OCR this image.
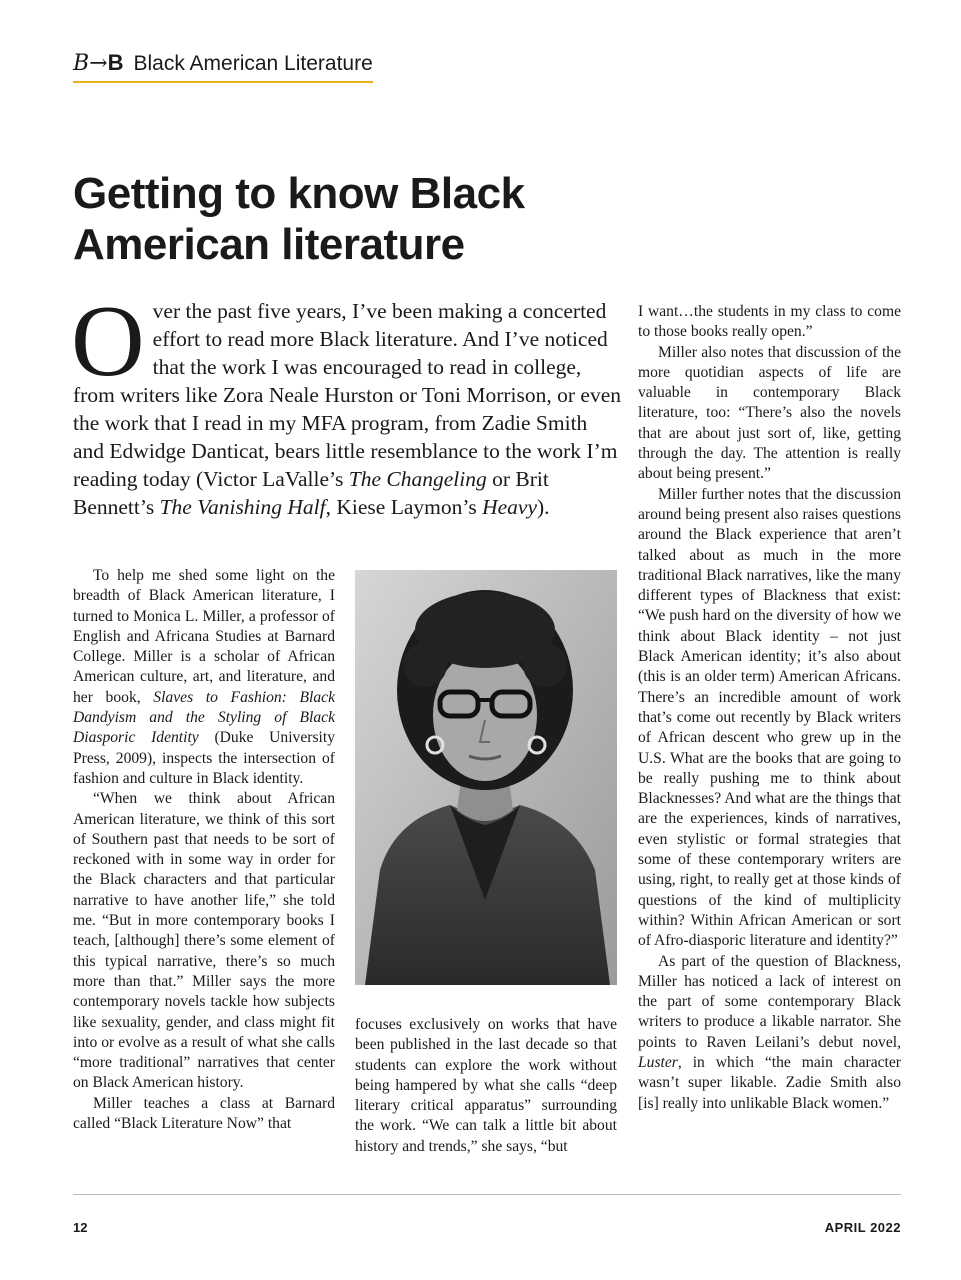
B→B Black American Literature
Getting to know Black American literature

Over the past five years, I’ve been making a concerted effort to read more Black literature. And I’ve noticed that the work I was encouraged to read in college, from writers like Zora Neale Hurston or Toni Morrison, or even the work that I read in my MFA program, from Zadie Smith and Edwidge Danticat, bears little resemblance to the work I’m reading today (Victor LaValle’s The Changeling or Brit Bennett’s The Vanishing Half, Kiese Laymon’s Heavy).

To help me shed some light on the breadth of Black American literature, I turned to Monica L. Miller, a professor of English and Africana Studies at Barnard College. Miller is a scholar of African American culture, art, and literature, and her book, Slaves to Fashion: Black Dandyism and the Styling of Black Diasporic Identity (Duke University Press, 2009), inspects the intersection of fashion and culture in Black identity.

“When we think about African American literature, we think of this sort of Southern past that needs to be sort of reckoned with in some way in order for the Black characters and that particular narrative to have another life,” she told me. “But in more contemporary books I teach, [although] there’s some element of this typical narrative, there’s so much more than that.” Miller says the more contemporary novels tackle how subjects like sexuality, gender, and class might fit into or evolve as a result of what she calls “more traditional” narratives that center on Black American history.

Miller teaches a class at Barnard called “Black Literature Now” that

focuses exclusively on works that have been published in the last decade so that students can explore the work without being hampered by what she calls “deep literary critical apparatus” surrounding the work. “We can talk a little bit about history and trends,” she says, “but

I want…the students in my class to come to those books really open.”

Miller also notes that discussion of the more quotidian aspects of life are valuable in contemporary Black literature, too: “There’s also the novels that are about just sort of, like, getting through the day. The attention is really about being present.”

Miller further notes that the discussion around being present also raises questions around the Black experience that aren’t talked about as much in the more traditional Black narratives, like the many different types of Blackness that exist: “We push hard on the diversity of how we think about Black identity – not just Black American identity; it’s also about (this is an older term) American Africans. There’s an incredible amount of work that’s come out recently by Black writers of African descent who grew up in the U.S. What are the books that are going to be really pushing me to think about Blacknesses? And what are the things that are the experiences, kinds of narratives, even stylistic or formal strategies that some of these contemporary writers are using, right, to really get at those kinds of questions of the kind of multiplicity within? Within African American or sort of Afro-diasporic literature and identity?”

As part of the question of Blackness, Miller has noticed a lack of interest on the part of some contemporary Black writers to produce a likable narrator. She points to Raven Leilani’s debut novel, Luster, in which “the main character wasn’t super likable. Zadie Smith also [is] really into unlikable Black women.”

12	APRIL 2022
